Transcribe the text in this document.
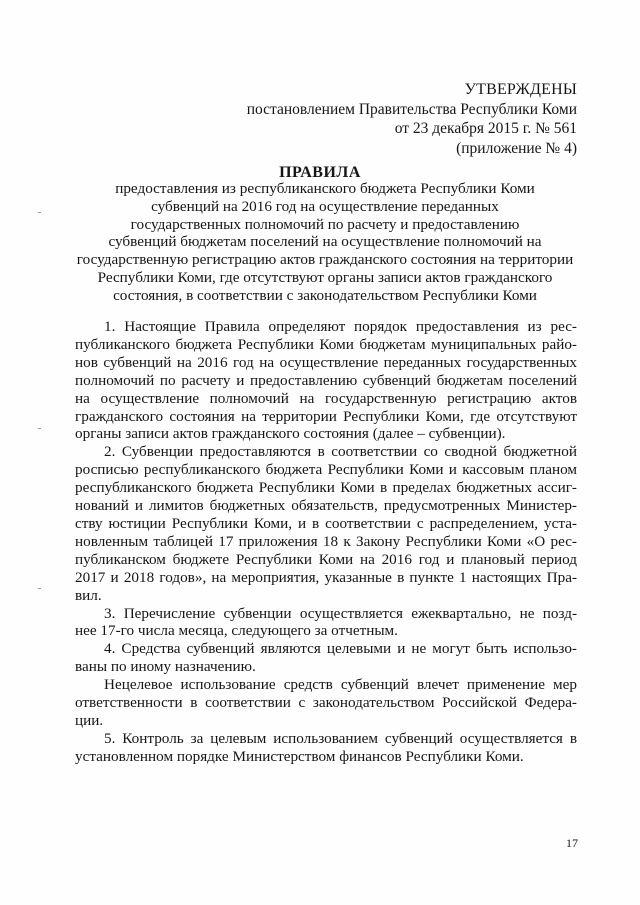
УТВЕРЖДЕНЫ
постановлением Правительства Республики Коми
от 23 декабря 2015 г. № 561
(приложение № 4)
ПРАВИЛА
предоставления из республиканского бюджета Республики Коми
субвенций на 2016 год на осуществление переданных
государственных полномочий по расчету и предоставлению
субвенций бюджетам поселений на осуществление полномочий на
государственную регистрацию актов гражданского состояния на территории
Республики Коми, где отсутствуют органы записи актов гражданского
состояния, в соответствии с законодательством Республики Коми
1. Настоящие Правила определяют порядок предоставления из рес-
публиканского бюджета Республики Коми бюджетам муниципальных райо-
нов субвенций на 2016 год на осуществление переданных государственных
полномочий по расчету и предоставлению субвенций бюджетам поселений
на осуществление полномочий на государственную регистрацию актов
гражданского состояния на территории Республики Коми, где отсутствуют
органы записи актов гражданского состояния (далее – субвенции).
2. Субвенции предоставляются в соответствии со сводной бюджетной
росписью республиканского бюджета Республики Коми и кассовым планом
республиканского бюджета Республики Коми в пределах бюджетных ассиг-
нований и лимитов бюджетных обязательств, предусмотренных Министер-
ству юстиции Республики Коми, и в соответствии с распределением, уста-
новленным таблицей 17 приложения 18 к Закону Республики Коми «О рес-
публиканском бюджете Республики Коми на 2016 год и плановый период
2017 и 2018 годов», на мероприятия, указанные в пункте 1 настоящих Пра-
вил.
3. Перечисление субвенции осуществляется ежеквартально, не позд-
нее 17-го числа месяца, следующего за отчетным.
4. Средства субвенций являются целевыми и не могут быть использо-
ваны по иному назначению.
Нецелевое использование средств субвенций влечет применение мер
ответственности в соответствии с законодательством Российской Федера-
ции.
5. Контроль за целевым использованием субвенций осуществляется в
установленном порядке Министерством финансов Республики Коми.
17
